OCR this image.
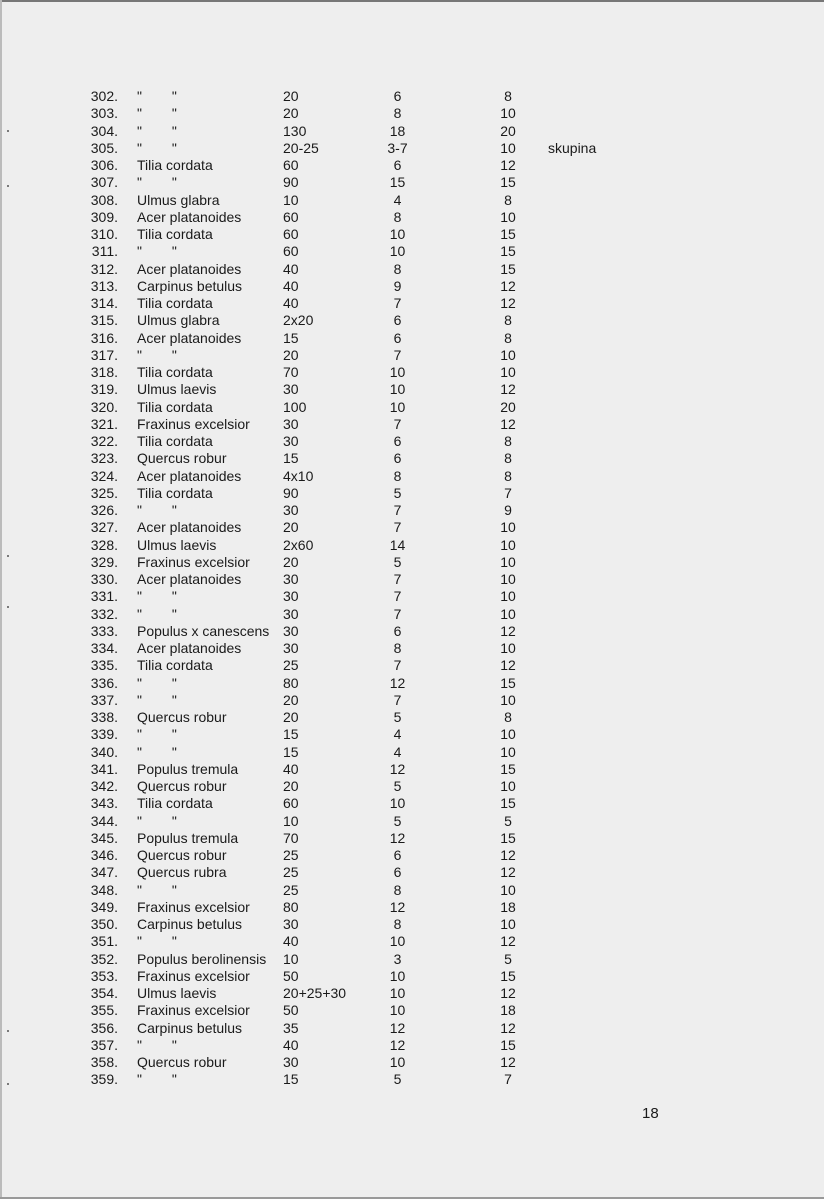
302. " "	20	6	8
303. " "	20	8	10
304. " "	130	18	20
305. " "	20-25	3-7	10	skupina
306. Tilia cordata	60	6	12
307. " "	90	15	15
308. Ulmus glabra	10	4	8
309. Acer platanoides	60	8	10
310. Tilia cordata	60	10	15
311. " "	60	10	15
312. Acer platanoides	40	8	15
313. Carpinus betulus	40	9	12
314. Tilia cordata	40	7	12
315. Ulmus glabra	2x20	6	8
316. Acer platanoides	15	6	8
317. " "	20	7	10
318. Tilia cordata	70	10	10
319. Ulmus laevis	30	10	12
320. Tilia cordata	100	10	20
321. Fraxinus excelsior 30	7	12
322. Tilia cordata	30	6	8
323. Quercus robur	15	6	8
324. Acer platanoides	4x10	8	8
325. Tilia cordata	90	5	7
326. " "	30	7	9
327. Acer platanoides	20	7	10
328. Ulmus laevis	2x60	14	10
329. Fraxinus excelsior 20	5	10
330. Acer platanoides	30	7	10
331. " "	30	7	10
332. " "	30	7	10
333. Populus x canescens 30	6	12
334. Acer platanoides	30	8	10
335. Tilia cordata	25	7	12
336. " "	80	12	15
337. " "	20	7	10
338. Quercus robur	20	5	8
339. " "	15	4	10
340. " "	15	4	10
341. Populus tremula	40	12	15
342. Quercus robur	20	5	10
343. Tilia cordata	60	10	15
344. " "	10	5	5
345. Populus tremula	70	12	15
346. Quercus robur	25	6	12
347. Quercus rubra	25	6	12
348. " "	25	8	10
349. Fraxinus excelsior 80	12	18
350. Carpinus betulus	30	8	10
351. " "	40	10	12
352. Populus berolinensis 10	3	5
353. Fraxinus excelsior 50	10	15
354. Ulmus laevis	20+25+30	10	12
355. Fraxinus excelsior 50	10	18
356. Carpinus betulus	35	12	12
357. " "	40	12	15
358. Quercus robur	30	10	12
359. " "	15	5	7
18
